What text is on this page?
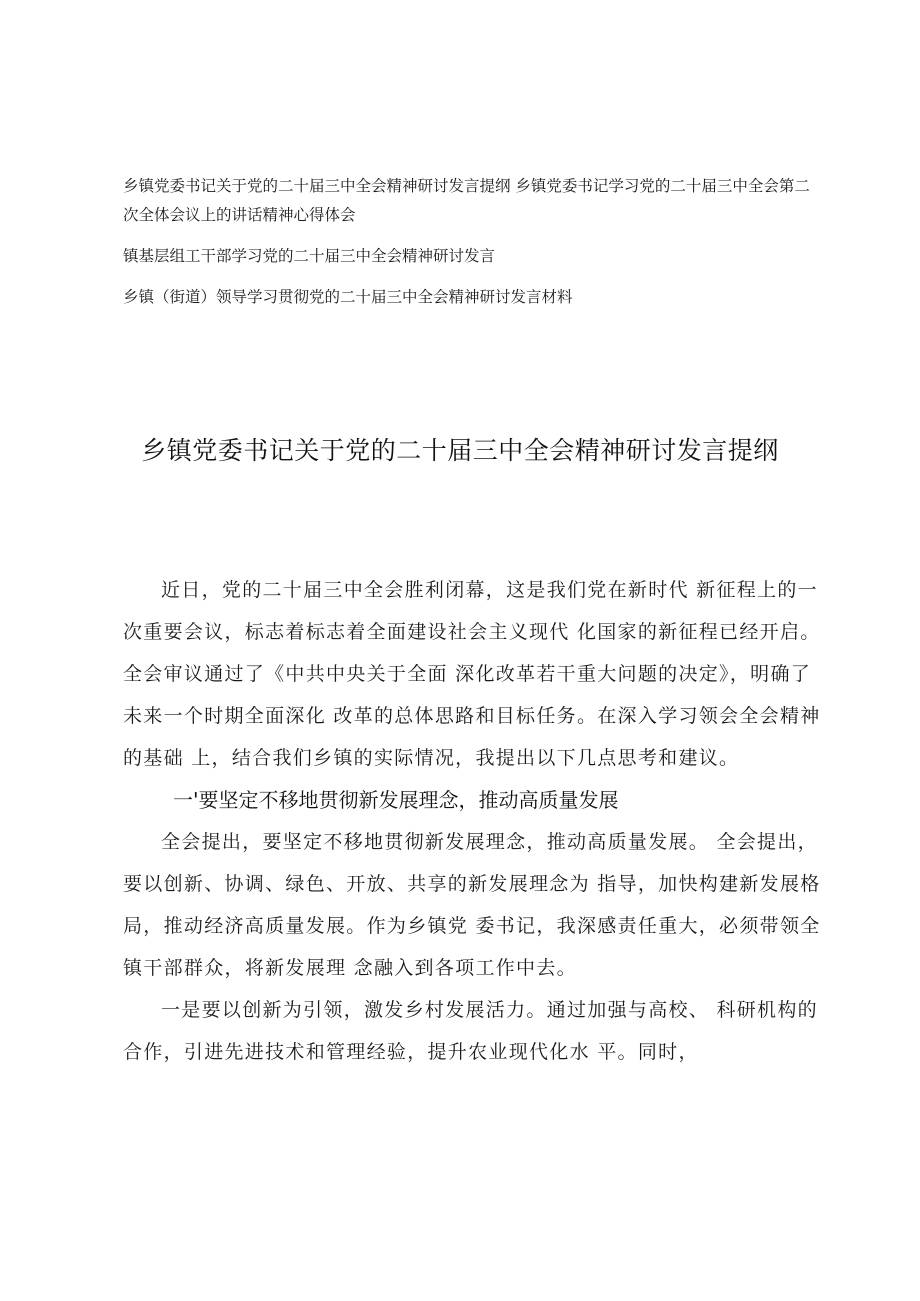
乡镇党委书记关于党的二十届三中全会精神研讨发言提纲 乡镇党委书记学习党的二十届三中全会第二次全体会议上的讲话精神心得体会

镇基层组工干部学习党的二十届三中全会精神研讨发言

乡镇（街道）领导学习贯彻党的二十届三中全会精神研讨发言材料

乡镇党委书记关于党的二十届三中全会精神研讨发言提纲

近日，党的二十届三中全会胜利闭幕，这是我们党在新时代 新征程上的一次重要会议，标志着标志着全面建设社会主义现代 化国家的新征程已经开启。全会审议通过了《中共中央关于全面 深化改革若干重大问题的决定》，明确了未来一个时期全面深化 改革的总体思路和目标任务。在深入学习领会全会精神的基础 上，结合我们乡镇的实际情况，我提出以下几点思考和建议。

一'要坚定不移地贯彻新发展理念，推动高质量发展

全会提出，要坚定不移地贯彻新发展理念，推动高质量发展。 全会提出，要以创新、协调、绿色、开放、共享的新发展理念为 指导，加快构建新发展格局，推动经济高质量发展。作为乡镇党 委书记，我深感责任重大，必须带领全镇干部群众，将新发展理 念融入到各项工作中去。

一是要以创新为引领，激发乡村发展活力。通过加强与高校、 科研机构的合作，引进先进技术和管理经验，提升农业现代化水 平。同时，
